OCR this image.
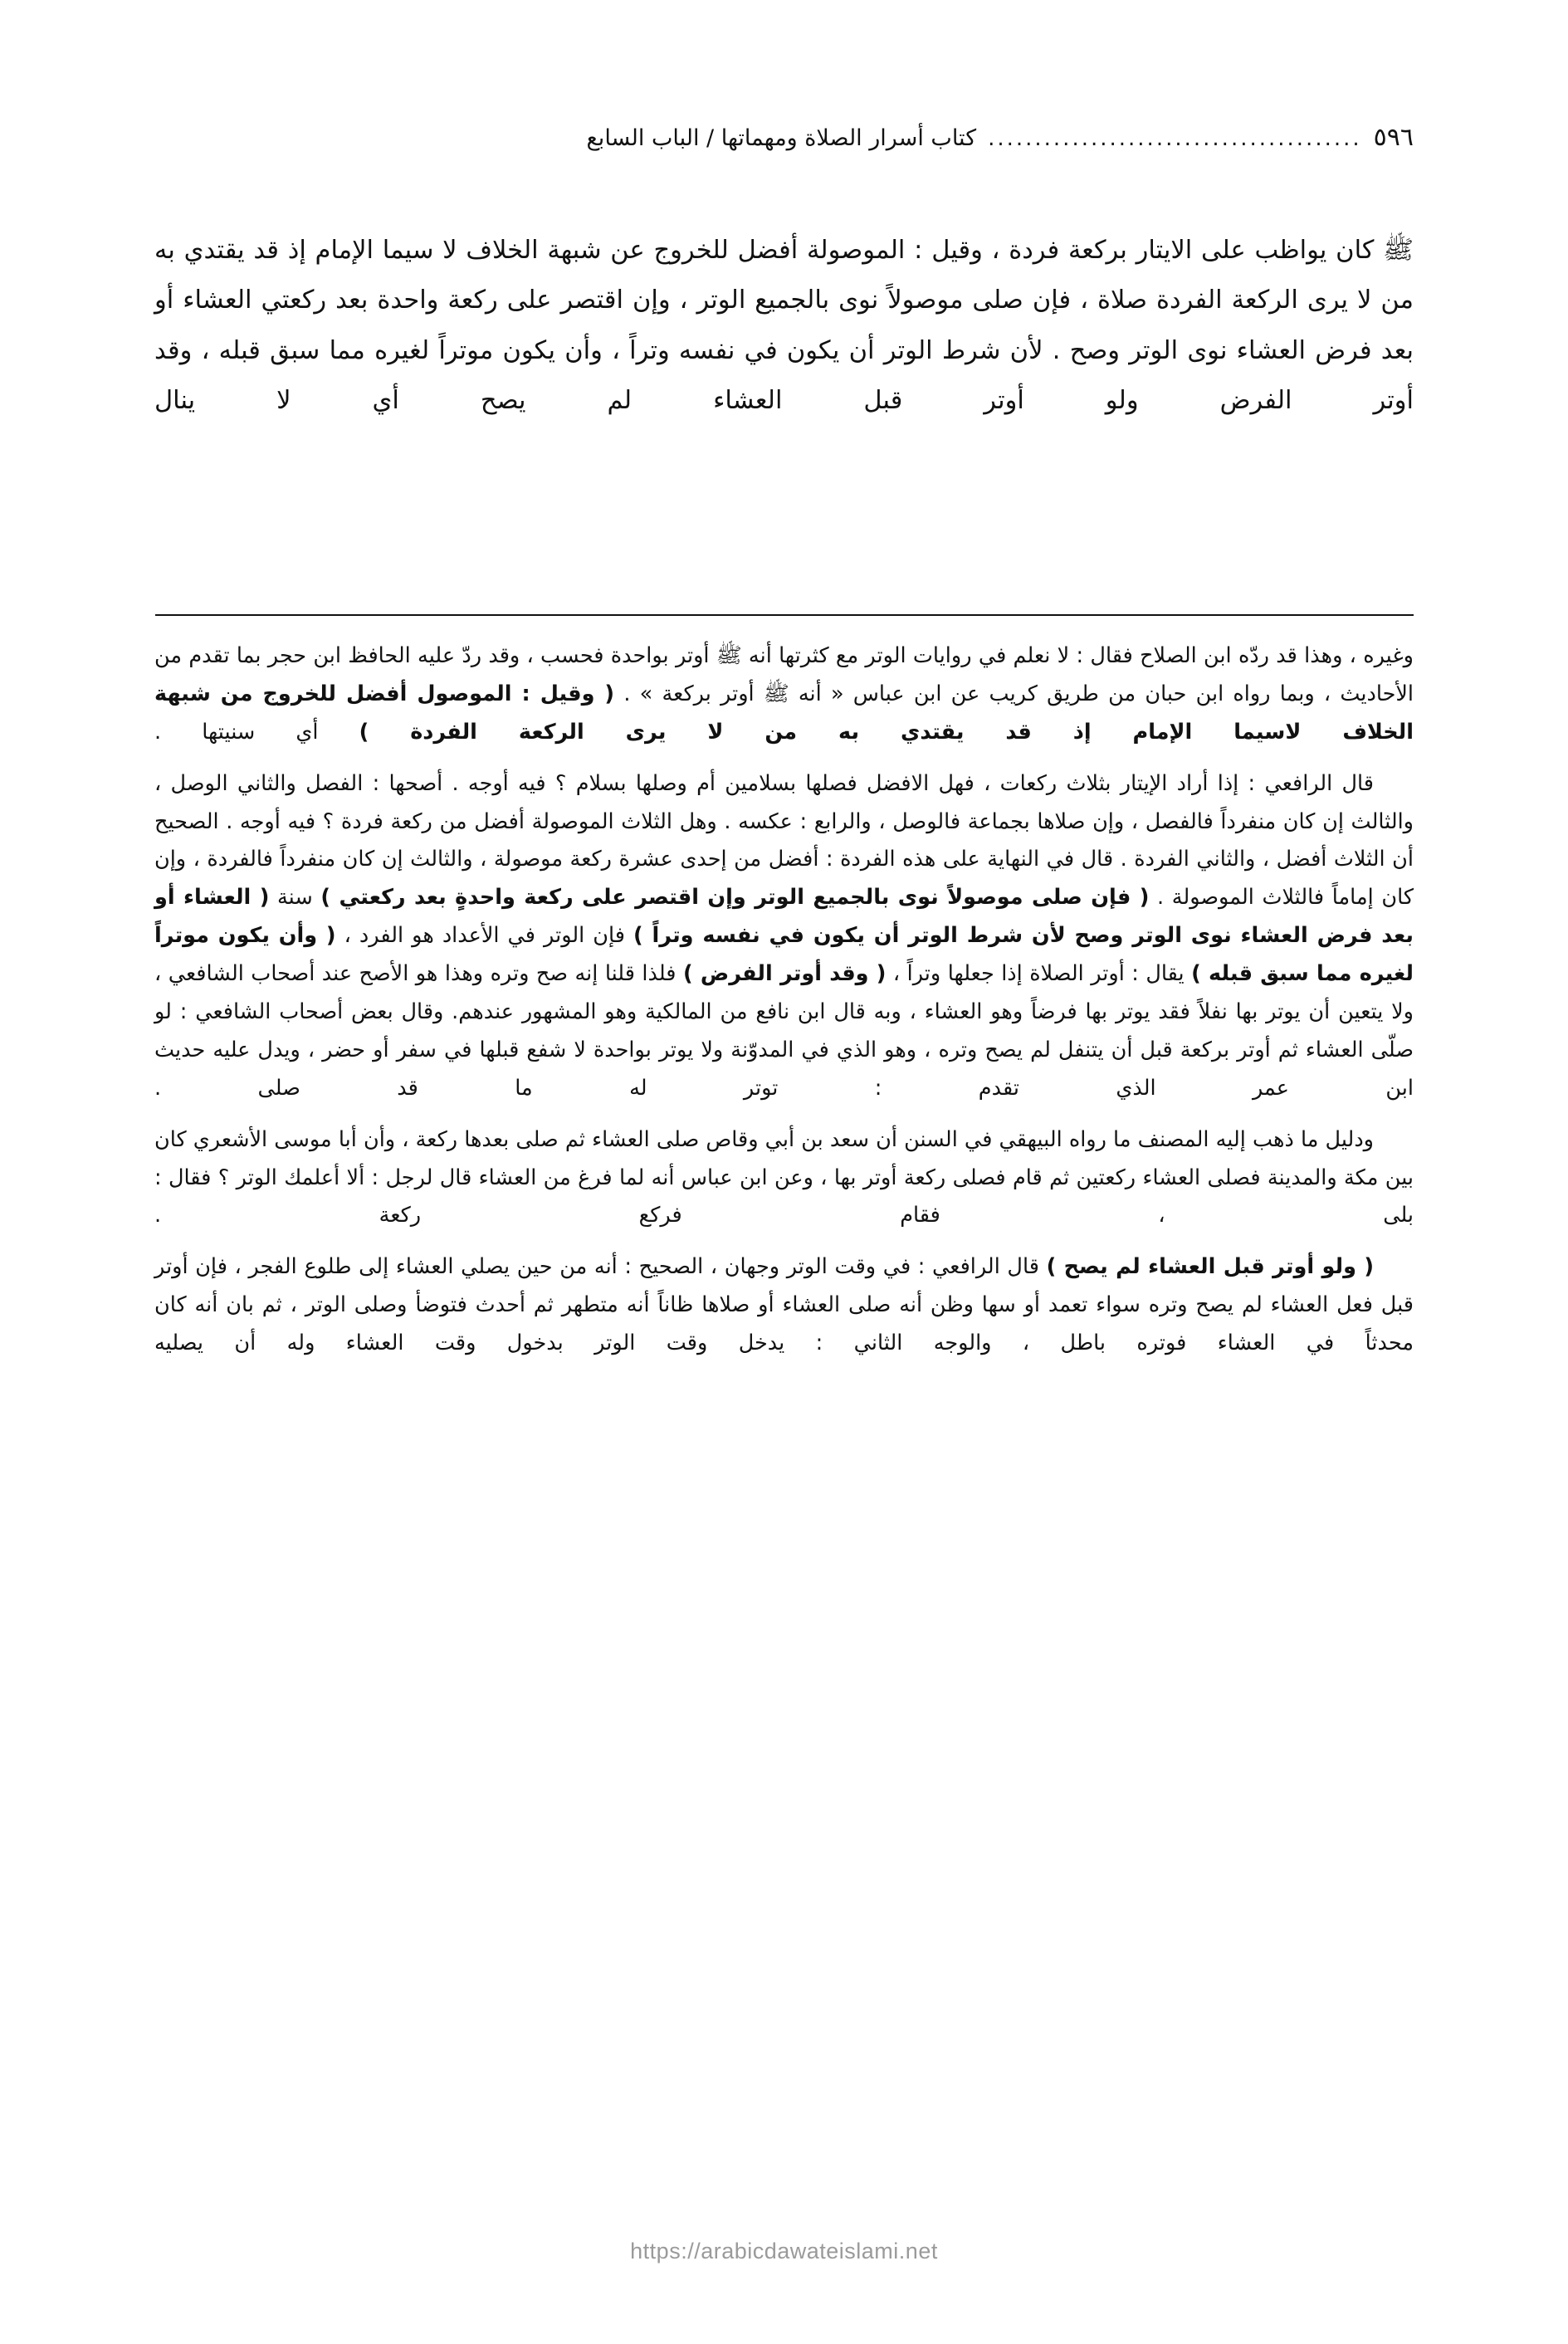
٥٩٦
........................................
كتاب أسرار الصلاة ومهماتها / الباب السابع

ﷺ كان يواظب على الايتار بركعة فردة ، وقيل : الموصولة أفضل للخروج عن شبهة الخلاف لا سيما الإمام إذ قد يقتدي به من لا يرى الركعة الفردة صلاة ، فإن صلى موصولاً نوى بالجميع الوتر ، وإن اقتصر على ركعة واحدة بعد ركعتي العشاء أو بعد فرض العشاء نوى الوتر وصح . لأن شرط الوتر أن يكون في نفسه وتراً ، وأن يكون موتراً لغيره مما سبق قبله ، وقد أوتر الفرض ولو أوتر قبل العشاء لم يصح أي لا ينال

وغيره ، وهذا قد ردّه ابن الصلاح فقال : لا نعلم في روايات الوتر مع كثرتها أنه ﷺ أوتر بواحدة فحسب ، وقد ردّ عليه الحافظ ابن حجر بما تقدم من الأحاديث ، وبما رواه ابن حبان من طريق كريب عن ابن عباس « أنه ﷺ أوتر بركعة » . ( وقيل : الموصول أفضل للخروج من شبهة الخلاف لاسيما الإمام إذ قد يقتدي به من لا يرى الركعة الفردة ) أي سنيتها .

قال الرافعي : إذا أراد الإيتار بثلاث ركعات ، فهل الافضل فصلها بسلامين أم وصلها بسلام ؟ فيه أوجه . أصحها : الفصل والثاني الوصل ، والثالث إن كان منفرداً فالفصل ، وإن صلاها بجماعة فالوصل ، والرابع : عكسه . وهل الثلاث الموصولة أفضل من ركعة فردة ؟ فيه أوجه . الصحيح أن الثلاث أفضل ، والثاني الفردة . قال في النهاية على هذه الفردة : أفضل من إحدى عشرة ركعة موصولة ، والثالث إن كان منفرداً فالفردة ، وإن كان إماماً فالثلاث الموصولة . ( فإن صلى موصولاً نوى بالجميع الوتر وإن اقتصر على ركعة واحدةٍ بعد ركعتي ) سنة ( العشاء أو بعد فرض العشاء نوى الوتر وصح لأن شرط الوتر أن يكون في نفسه وتراً ) فإن الوتر في الأعداد هو الفرد ، ( وأن يكون موتراً لغيره مما سبق قبله ) يقال : أوتر الصلاة إذا جعلها وتراً ، ( وقد أوتر الفرض ) فلذا قلنا إنه صح وتره وهذا هو الأصح عند أصحاب الشافعي ، ولا يتعين أن يوتر بها نفلاً فقد يوتر بها فرضاً وهو العشاء ، وبه قال ابن نافع من المالكية وهو المشهور عندهم. وقال بعض أصحاب الشافعي : لو صلّى العشاء ثم أوتر بركعة قبل أن يتنفل لم يصح وتره ، وهو الذي في المدوّنة ولا يوتر بواحدة لا شفع قبلها في سفر أو حضر ، ويدل عليه حديث ابن عمر الذي تقدم : توتر له ما قد صلى .

ودليل ما ذهب إليه المصنف ما رواه البيهقي في السنن أن سعد بن أبي وقاص صلى العشاء ثم صلى بعدها ركعة ، وأن أبا موسى الأشعري كان بين مكة والمدينة فصلى العشاء ركعتين ثم قام فصلى ركعة أوتر بها ، وعن ابن عباس أنه لما فرغ من العشاء قال لرجل : ألا أعلمك الوتر ؟ فقال : بلى ، فقام فركع ركعة .

( ولو أوتر قبل العشاء لم يصح ) قال الرافعي : في وقت الوتر وجهان ، الصحيح : أنه من حين يصلي العشاء إلى طلوع الفجر ، فإن أوتر قبل فعل العشاء لم يصح وتره سواء تعمد أو سها وظن أنه صلى العشاء أو صلاها ظاناً أنه متطهر ثم أحدث فتوضأ وصلى الوتر ، ثم بان أنه كان محدثاً في العشاء فوتره باطل ، والوجه الثاني : يدخل وقت الوتر بدخول وقت العشاء وله أن يصليه

https://arabicdawateislami.net
